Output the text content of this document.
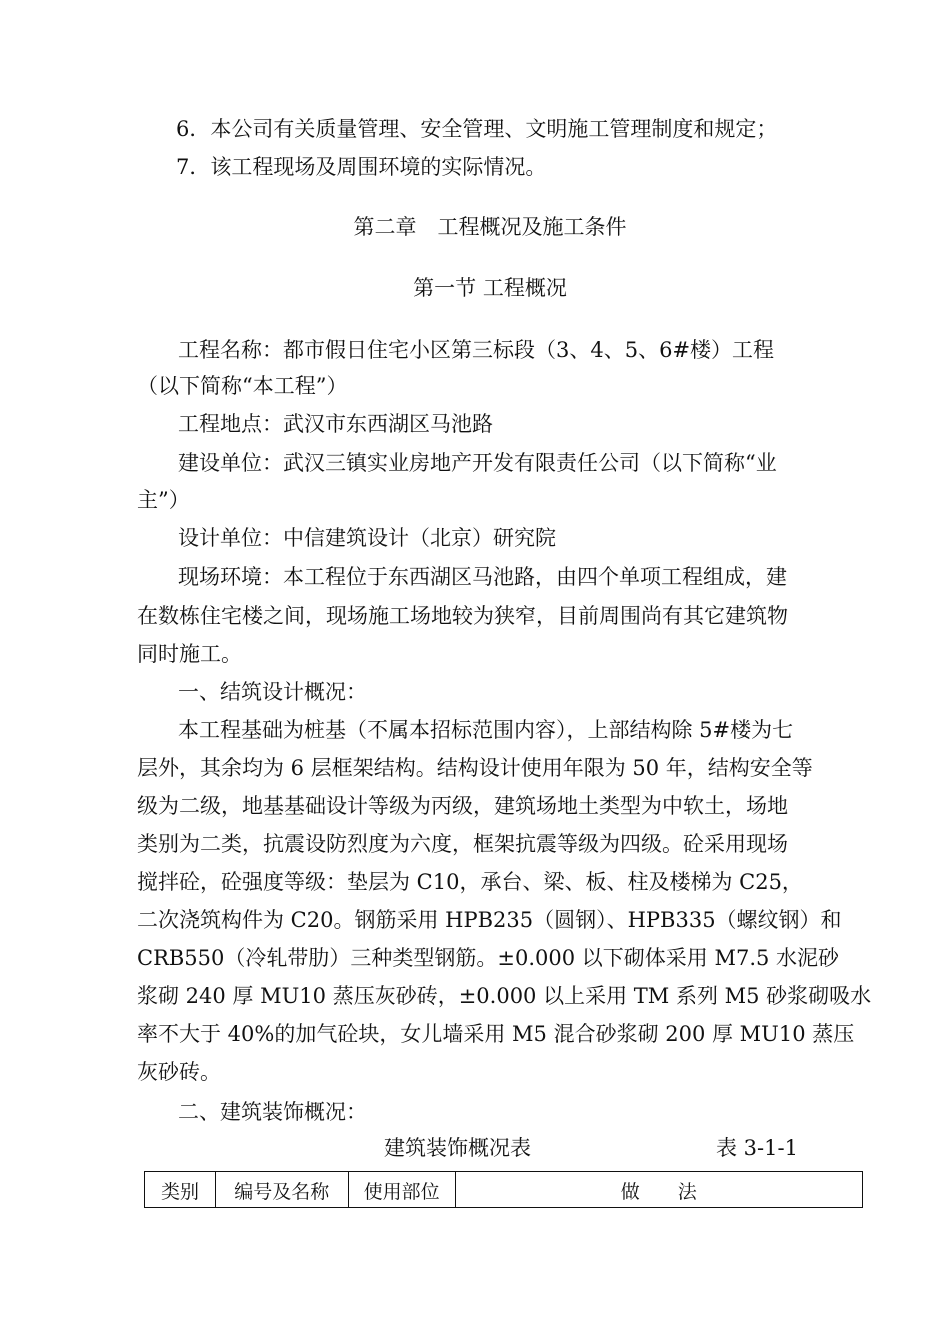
6．本公司有关质量管理、安全管理、文明施工管理制度和规定；
7．该工程现场及周围环境的实际情况。
第二章　工程概况及施工条件
第一节 工程概况
工程名称：都市假日住宅小区第三标段（3、4、5、6#楼）工程
（以下简称“本工程”）
工程地点：武汉市东西湖区马池路
建设单位：武汉三镇实业房地产开发有限责任公司（以下简称“业
主”）
设计单位：中信建筑设计（北京）研究院
现场环境：本工程位于东西湖区马池路，由四个单项工程组成，建
在数栋住宅楼之间，现场施工场地较为狭窄，目前周围尚有其它建筑物
同时施工。
一、结筑设计概况：
本工程基础为桩基（不属本招标范围内容），上部结构除 5#楼为七
层外，其余均为 6 层框架结构。结构设计使用年限为 50 年，结构安全等
级为二级，地基基础设计等级为丙级，建筑场地土类型为中软土，场地
类别为二类，抗震设防烈度为六度，框架抗震等级为四级。砼采用现场
搅拌砼，砼强度等级：垫层为 C10，承台、梁、板、柱及楼梯为 C25，
二次浇筑构件为 C20。钢筋采用 HPB235（圆钢）、HPB335（螺纹钢）和
CRB550（冷轧带肋）三种类型钢筋。±0.000 以下砌体采用 M7.5 水泥砂
浆砌 240 厚 MU10 蒸压灰砂砖，±0.000 以上采用 TM 系列 M5 砂浆砌吸水
率不大于 40%的加气砼块，女儿墙采用 M5 混合砂浆砌 200 厚 MU10 蒸压
灰砂砖。
二、建筑装饰概况：
建筑装饰概况表	表 3-1-1
类别	编号及名称	使用部位	做　　法
